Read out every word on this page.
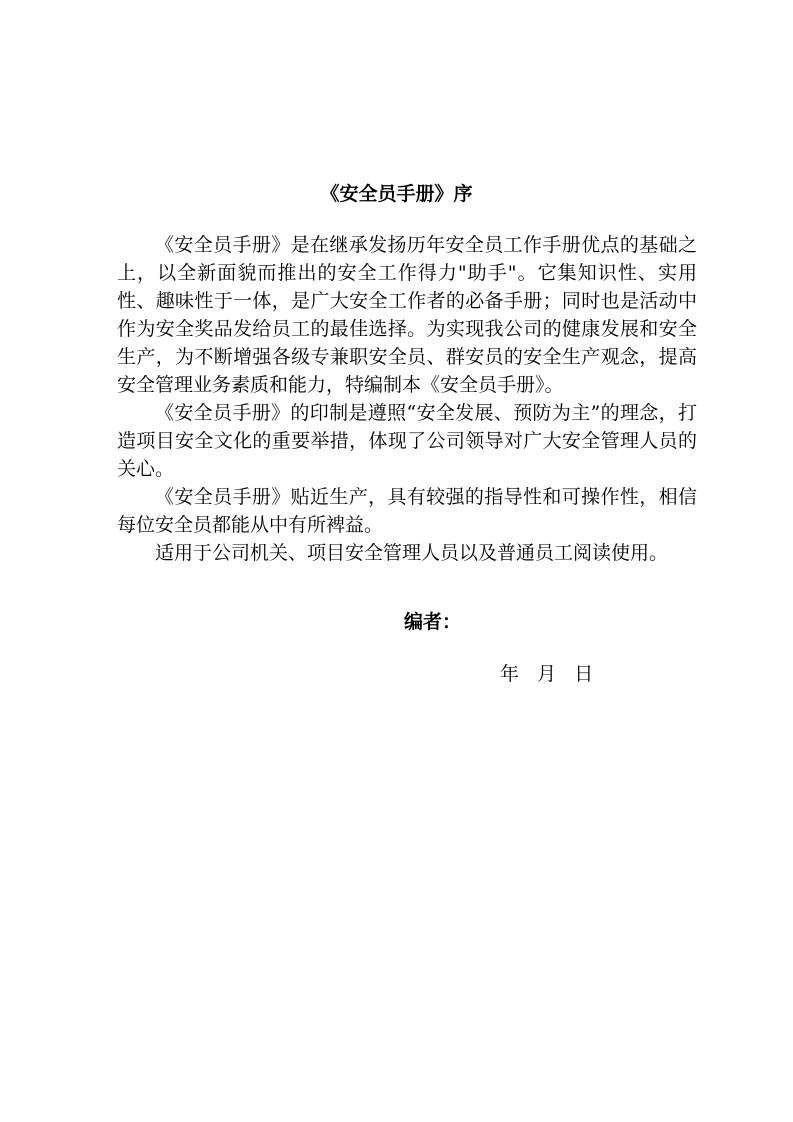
《安全员手册》序

《安全员手册》是在继承发扬历年安全员工作手册优点的基础之上，以全新面貌而推出的安全工作得力"助手"。它集知识性、实用性、趣味性于一体，是广大安全工作者的必备手册；同时也是活动中作为安全奖品发给员工的最佳选择。为实现我公司的健康发展和安全生产，为不断增强各级专兼职安全员、群安员的安全生产观念，提高安全管理业务素质和能力，特编制本《安全员手册》。

《安全员手册》的印制是遵照“安全发展、预防为主”的理念，打造项目安全文化的重要举措，体现了公司领导对广大安全管理人员的关心。

《安全员手册》贴近生产，具有较强的指导性和可操作性，相信每位安全员都能从中有所裨益。

适用于公司机关、项目安全管理人员以及普通员工阅读使用。

编者：
年   月   日
